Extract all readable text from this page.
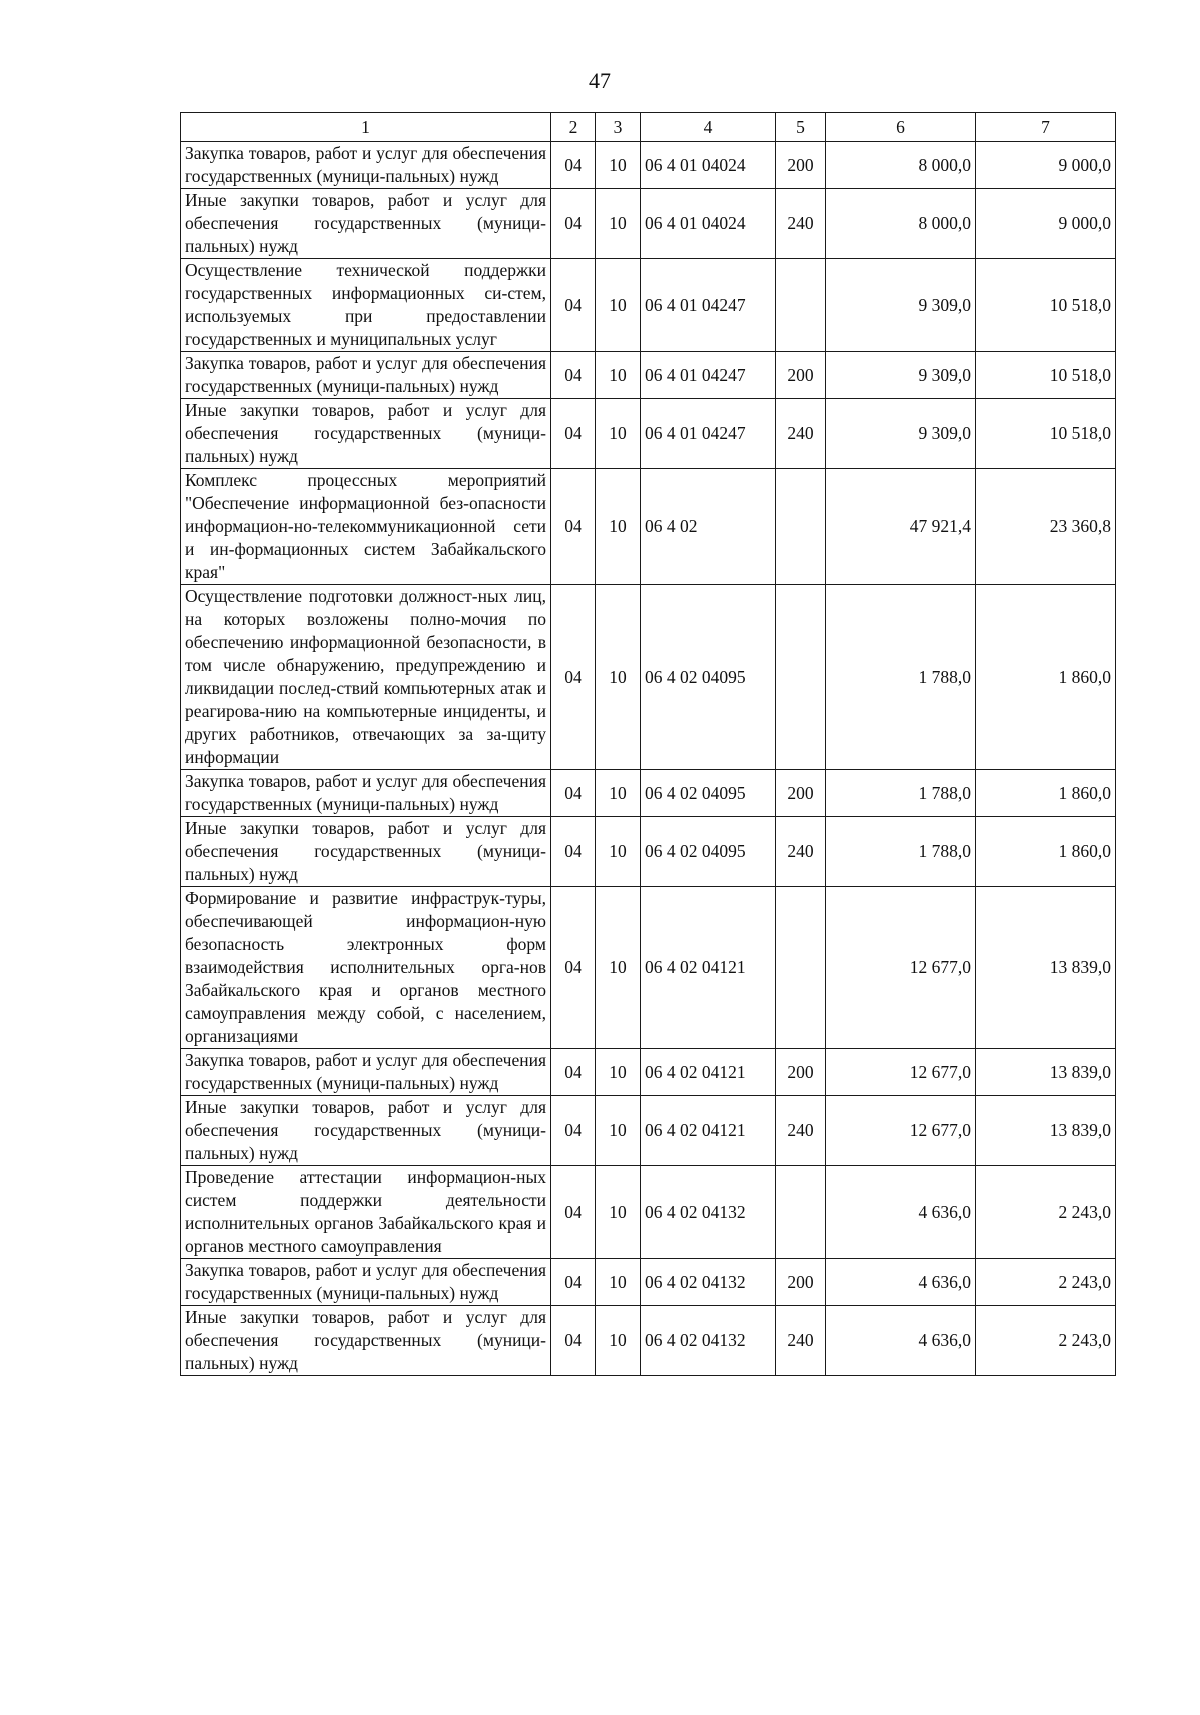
47
1	2	3	4	5	6	7
Закупка товаров, работ и услуг для обеспечения государственных (муници-пальных) нужд	04	10	06 4 01 04024	200	8 000,0	9 000,0
Иные закупки товаров, работ и услуг для обеспечения государственных (муници-пальных) нужд	04	10	06 4 01 04024	240	8 000,0	9 000,0
Осуществление технической поддержки государственных информационных си-стем, используемых при предоставлении государственных и муниципальных услуг	04	10	06 4 01 04247		9 309,0	10 518,0
Закупка товаров, работ и услуг для обеспечения государственных (муници-пальных) нужд	04	10	06 4 01 04247	200	9 309,0	10 518,0
Иные закупки товаров, работ и услуг для обеспечения государственных (муници-пальных) нужд	04	10	06 4 01 04247	240	9 309,0	10 518,0
Комплекс процессных мероприятий "Обеспечение информационной без-опасности информацион-но-телекоммуникационной сети и ин-формационных систем Забайкальского края"	04	10	06 4 02		47 921,4	23 360,8
Осуществление подготовки должност-ных лиц, на которых возложены полно-мочия по обеспечению информационной безопасности, в том числе обнаружению, предупреждению и ликвидации послед-ствий компьютерных атак и реагирова-нию на компьютерные инциденты, и других работников, отвечающих за за-щиту информации	04	10	06 4 02 04095		1 788,0	1 860,0
Закупка товаров, работ и услуг для обеспечения государственных (муници-пальных) нужд	04	10	06 4 02 04095	200	1 788,0	1 860,0
Иные закупки товаров, работ и услуг для обеспечения государственных (муници-пальных) нужд	04	10	06 4 02 04095	240	1 788,0	1 860,0
Формирование и развитие инфраструк-туры, обеспечивающей информацион-ную безопасность электронных форм взаимодействия исполнительных орга-нов Забайкальского края и органов местного самоуправления между собой, с населением, организациями	04	10	06 4 02 04121		12 677,0	13 839,0
Закупка товаров, работ и услуг для обеспечения государственных (муници-пальных) нужд	04	10	06 4 02 04121	200	12 677,0	13 839,0
Иные закупки товаров, работ и услуг для обеспечения государственных (муници-пальных) нужд	04	10	06 4 02 04121	240	12 677,0	13 839,0
Проведение аттестации информацион-ных систем поддержки деятельности исполнительных органов Забайкальского края и органов местного самоуправления	04	10	06 4 02 04132		4 636,0	2 243,0
Закупка товаров, работ и услуг для обеспечения государственных (муници-пальных) нужд	04	10	06 4 02 04132	200	4 636,0	2 243,0
Иные закупки товаров, работ и услуг для обеспечения государственных (муници-пальных) нужд	04	10	06 4 02 04132	240	4 636,0	2 243,0
